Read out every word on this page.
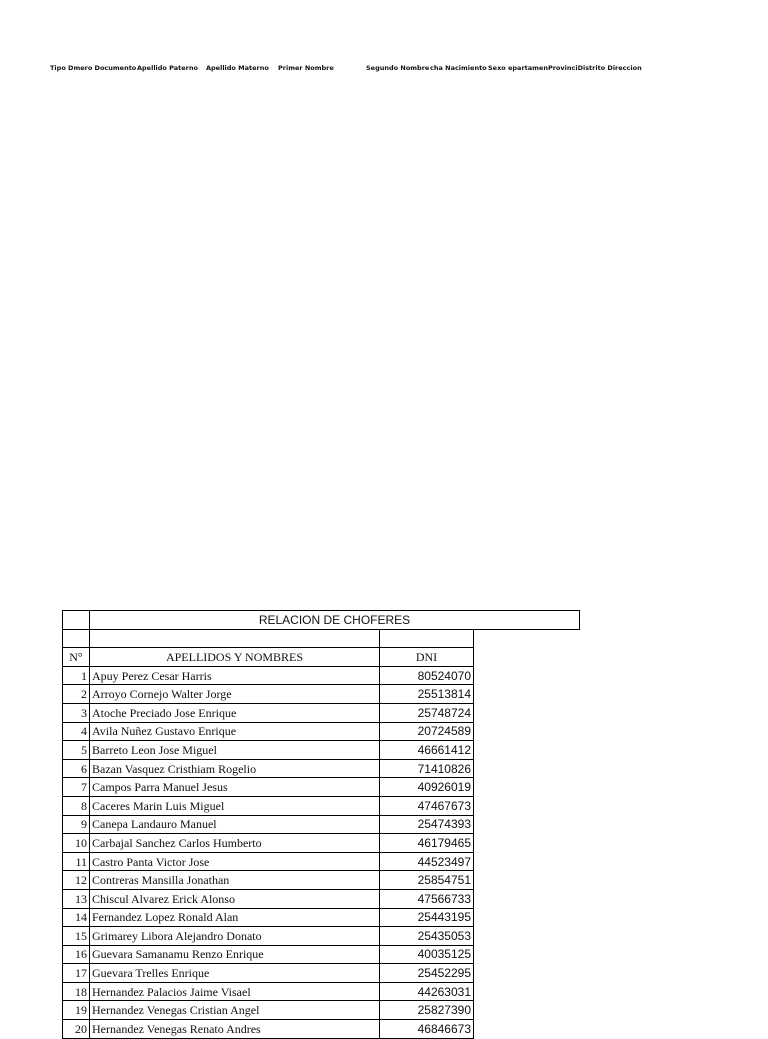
Tipo Dmero Documento Apellido Paterno Apellido Materno Primer Nombre	Segundo Nombre cha Nacimiento Sexo epartamenProvinciDistrito Direccion
	RELACION DE CHOFERES		

N°	APELLIDOS Y NOMBRES	DNI	
1	Apuy Perez Cesar Harris	80524070	
2	Arroyo Cornejo Walter Jorge	25513814	
3	Atoche Preciado Jose Enrique	25748724	
4	Avila Nuñez Gustavo Enrique	20724589	
5	Barreto Leon Jose Miguel	46661412	
6	Bazan Vasquez Cristhiam Rogelio	71410826	
7	Campos Parra Manuel Jesus	40926019	
8	Caceres Marin Luis Miguel	47467673	
9	Canepa Landauro Manuel	25474393	
10	Carbajal Sanchez Carlos Humberto	46179465	
11	Castro Panta Victor Jose	44523497	
12	Contreras Mansilla Jonathan	25854751	
13	Chiscul Alvarez Erick Alonso	47566733	
14	Fernandez Lopez Ronald Alan	25443195	
15	Grimarey Libora Alejandro Donato	25435053	
16	Guevara Samanamu Renzo Enrique	40035125	
17	Guevara Trelles Enrique	25452295	
18	Hernandez Palacios Jaime Visael	44263031	
19	Hernandez Venegas Cristian Angel	25827390	
20	Hernandez Venegas Renato Andres	46846673	
